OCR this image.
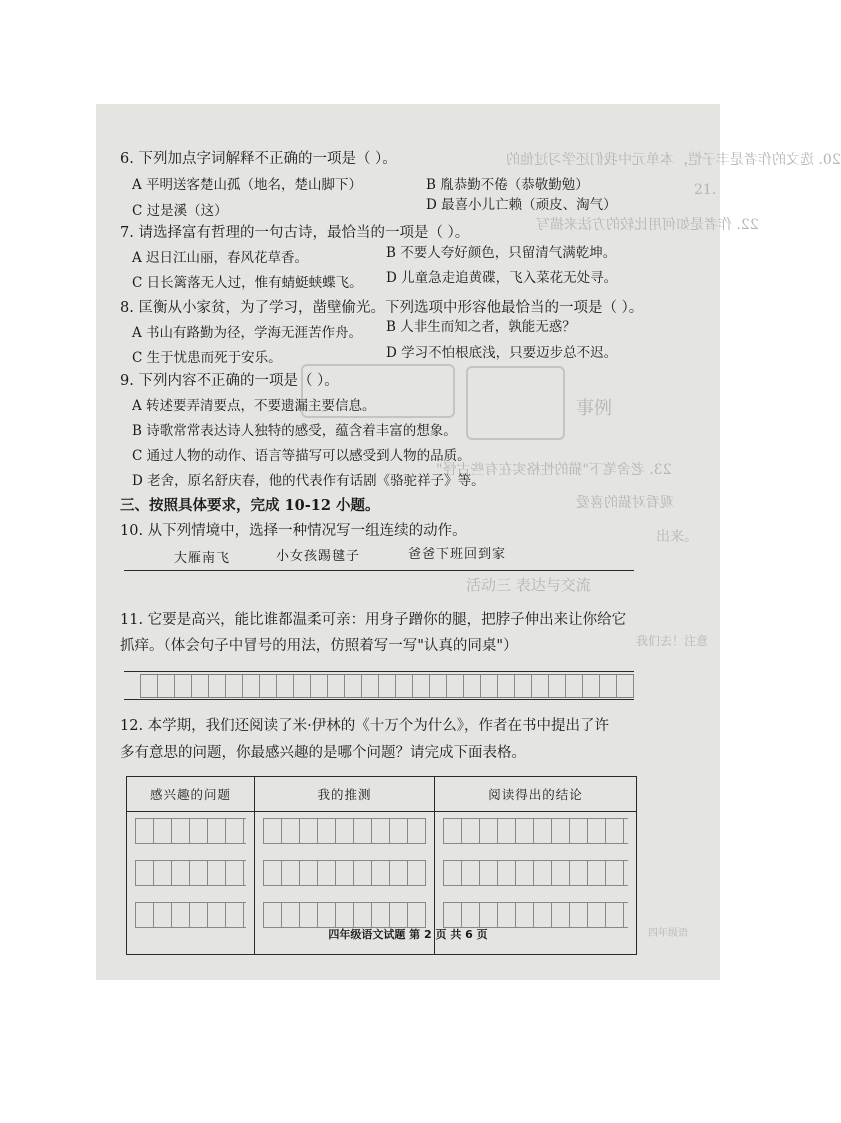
20. 选文的作者是丰子恺，本单元中我们还学习过他的
21.
22. 作者是如何用比较的方法来描写
事例
23. 老舍笔下"猫的性格实在有些古怪"
观看对猫的喜爱
出来。
活动三 表达与交流
我们去！注意
四年级语
6. 下列加点字词解释不正确的一项是（ ）。
A 平明送客楚山孤（地名，楚山脚下）	B 胤恭勤不倦（恭敬勤勉）
C 过是溪（这）	D 最喜小儿亡赖（顽皮、淘气）
7. 请选择富有哲理的一句古诗，最恰当的一项是（ ）。
A 迟日江山丽，春风花草香。	B 不要人夸好颜色，只留清气满乾坤。
C 日长篱落无人过，惟有蜻蜓蛱蝶飞。 D 儿童急走追黄碟，飞入菜花无处寻。
8. 匡衡从小家贫，为了学习，凿壁偷光。下列选项中形容他最恰当的一项是（ ）。
A 书山有路勤为径，学海无涯苦作舟。 B 人非生而知之者，孰能无惑？
C 生于忧患而死于安乐。	D 学习不怕根底浅，只要迈步总不迟。
9. 下列内容不正确的一项是（ ）。
A 转述要弄清要点，不要遗漏主要信息。
B 诗歌常常表达诗人独特的感受，蕴含着丰富的想象。
C 通过人物的动作、语言等描写可以感受到人物的品质。
D 老舍，原名舒庆春，他的代表作有话剧《骆驼祥子》等。
三、按照具体要求，完成 10-12 小题。
10. 从下列情境中，选择一种情况写一组连续的动作。
大雁南飞	小女孩踢毽子	爸爸下班回到家
11. 它要是高兴，能比谁都温柔可亲：用身子蹭你的腿，把脖子伸出来让你给它
抓痒。（体会句子中冒号的用法，仿照着写一写"认真的同桌"）
12. 本学期，我们还阅读了米·伊林的《十万个为什么》，作者在书中提出了许
多有意思的问题，你最感兴趣的是哪个问题？请完成下面表格。
感兴趣的问题	我的推测	阅读得出的结论

四年级语文试题 第 2 页 共 6 页
